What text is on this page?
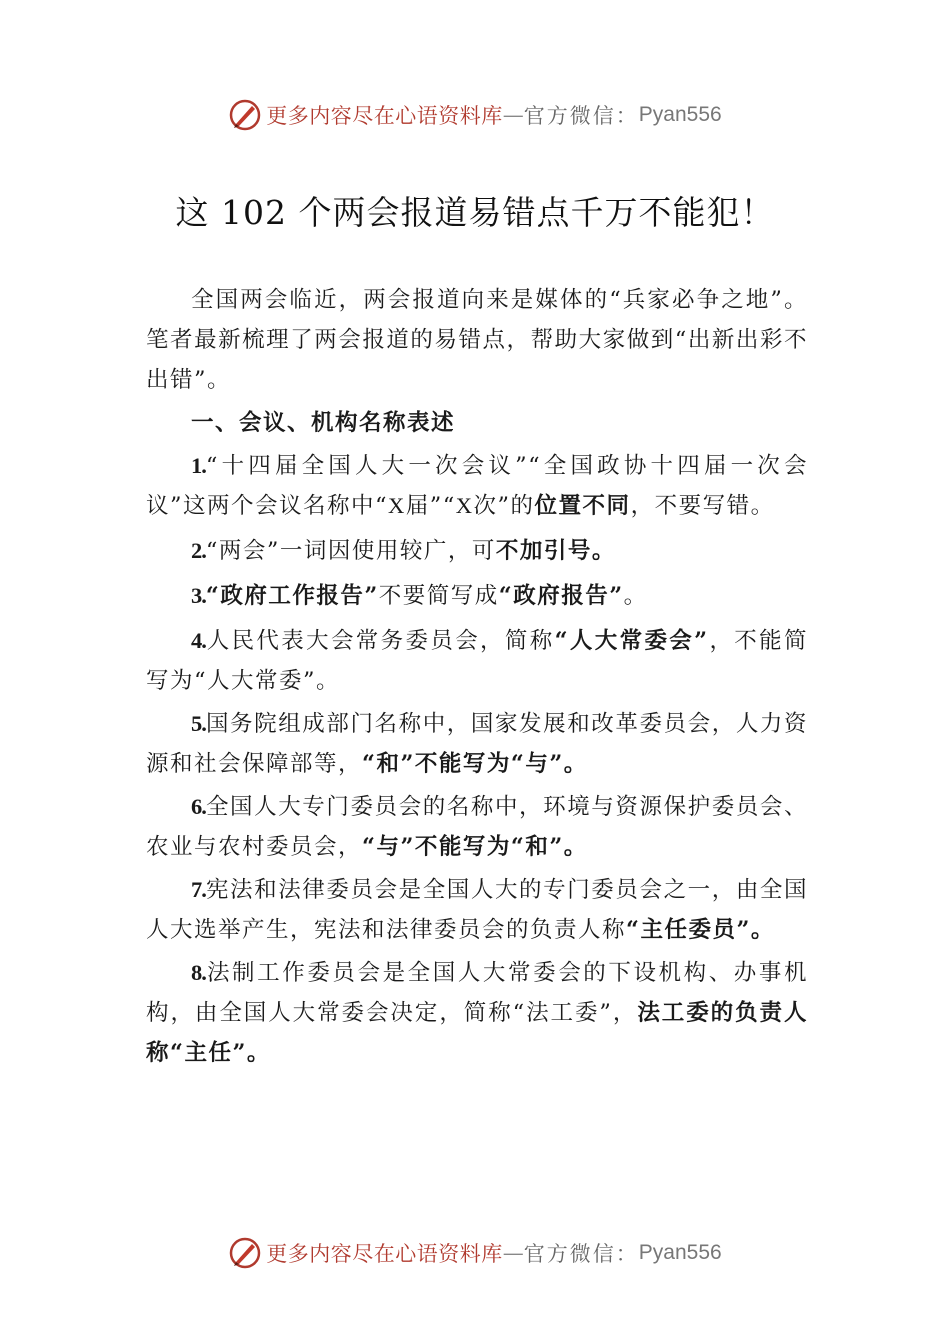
更多内容尽在心语资料库 — 官方微信： Pyan556
这 102 个两会报道易错点千万不能犯！

全国两会临近，两会报道向来是媒体的“兵家必争之地”。笔者最新梳理了两会报道的易错点，帮助大家做到“出新出彩不出错”。

一、会议、机构名称表述

1.“十四届全国人大一次会议”“全国政协十四届一次会议”这两个会议名称中“X届”“X次”的位置不同，不要写错。

2.“两会”一词因使用较广，可不加引号。

3.“政府工作报告”不要简写成“政府报告”。

4.人民代表大会常务委员会，简称“人大常委会”，不能简写为“人大常委”。

5.国务院组成部门名称中，国家发展和改革委员会，人力资源和社会保障部等，“和”不能写为“与”。

6.全国人大专门委员会的名称中，环境与资源保护委员会、农业与农村委员会，“与”不能写为“和”。

7.宪法和法律委员会是全国人大的专门委员会之一，由全国人大选举产生，宪法和法律委员会的负责人称“主任委员”。

8.法制工作委员会是全国人大常委会的下设机构、办事机构，由全国人大常委会决定，简称“法工委”，法工委的负责人称“主任”。

更多内容尽在心语资料库 — 官方微信： Pyan556
